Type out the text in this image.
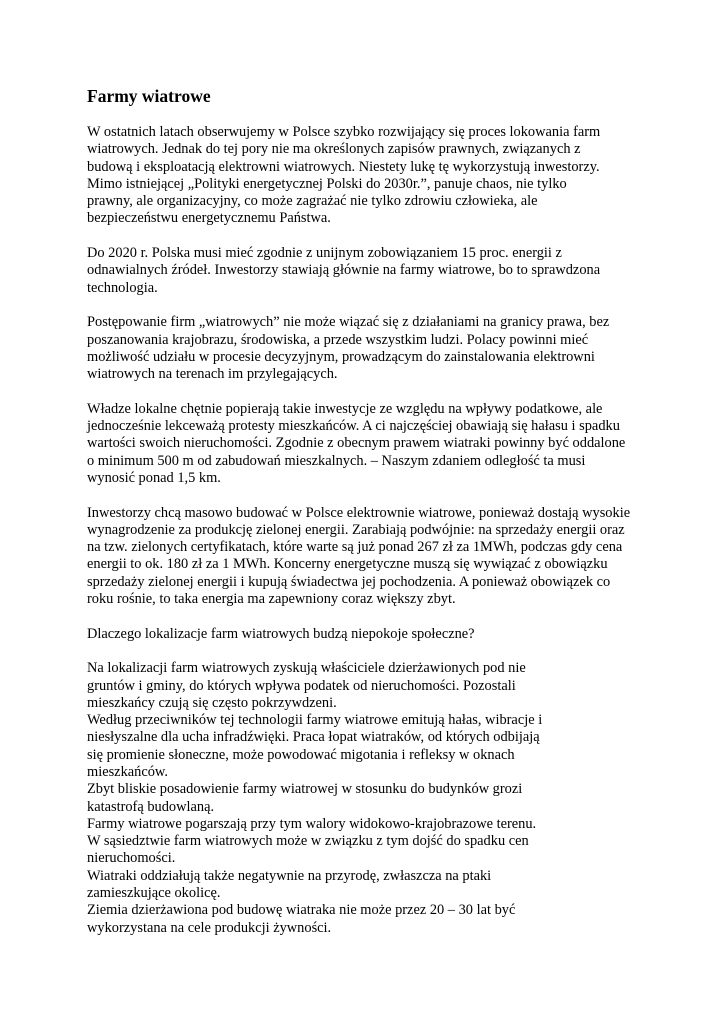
Farmy wiatrowe

W ostatnich latach obserwujemy w Polsce szybko rozwijający się proces lokowania farm
wiatrowych. Jednak do tej pory nie ma określonych zapisów prawnych, związanych z
budową i eksploatacją elektrowni wiatrowych. Niestety lukę tę wykorzystują inwestorzy.
Mimo istniejącej „Polityki energetycznej Polski do 2030r.”, panuje chaos, nie tylko
prawny, ale organizacyjny, co może zagrażać nie tylko zdrowiu człowieka, ale
bezpieczeństwu energetycznemu Państwa.

Do 2020 r. Polska musi mieć zgodnie z unijnym zobowiązaniem 15 proc. energii z
odnawialnych źródeł. Inwestorzy stawiają głównie na farmy wiatrowe, bo to sprawdzona
technologia.

Postępowanie firm „wiatrowych” nie może wiązać się z działaniami na granicy prawa, bez
poszanowania krajobrazu, środowiska, a przede wszystkim ludzi. Polacy powinni mieć
możliwość udziału w procesie decyzyjnym, prowadzącym do zainstalowania elektrowni
wiatrowych na terenach im przylegających.

Władze lokalne chętnie popierają takie inwestycje ze względu na wpływy podatkowe, ale
jednocześnie lekceważą protesty mieszkańców. A ci najczęściej obawiają się hałasu i spadku
wartości swoich nieruchomości. Zgodnie z obecnym prawem wiatraki powinny być oddalone
o minimum 500 m od zabudowań mieszkalnych. – Naszym zdaniem odległość ta musi
wynosić ponad 1,5 km.

Inwestorzy chcą masowo budować w Polsce elektrownie wiatrowe, ponieważ dostają wysokie
wynagrodzenie za produkcję zielonej energii. Zarabiają podwójnie: na sprzedaży energii oraz
na tzw. zielonych certyfikatach, które warte są już ponad 267 zł za 1MWh, podczas gdy cena
energii to ok. 180 zł za 1 MWh. Koncerny energetyczne muszą się wywiązać z obowiązku
sprzedaży zielonej energii i kupują świadectwa jej pochodzenia. A ponieważ obowiązek co
roku rośnie, to taka energia ma zapewniony coraz większy zbyt.

Dlaczego lokalizacje farm wiatrowych budzą niepokoje społeczne?

Na lokalizacji farm wiatrowych zyskują właściciele dzierżawionych pod nie
gruntów i gminy, do których wpływa podatek od nieruchomości. Pozostali
mieszkańcy czują się często pokrzywdzeni.
Według przeciwników tej technologii farmy wiatrowe emitują hałas, wibracje i
niesłyszalne dla ucha infradźwięki. Praca łopat wiatraków, od których odbijają
się promienie słoneczne, może powodować migotania i refleksy w oknach
mieszkańców.
Zbyt bliskie posadowienie farmy wiatrowej w stosunku do budynków grozi
katastrofą budowlaną.
Farmy wiatrowe pogarszają przy tym walory widokowo-krajobrazowe terenu.
W sąsiedztwie farm wiatrowych może w związku z tym dojść do spadku cen
nieruchomości.
Wiatraki oddziałują także negatywnie na przyrodę, zwłaszcza na ptaki
zamieszkujące okolicę.
Ziemia dzierżawiona pod budowę wiatraka nie może przez 20 – 30 lat być
wykorzystana na cele produkcji żywności.
